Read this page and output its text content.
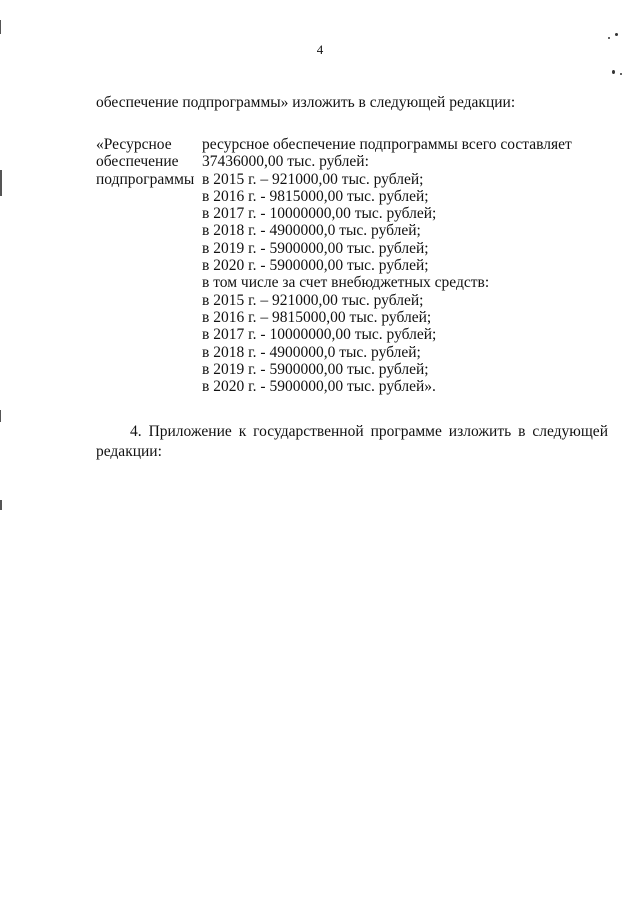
4
обеспечение подпрограммы» изложить в следующей редакции:
«Ресурсное
обеспечение
подпрограммы
ресурсное обеспечение подпрограммы всего составляет
37436000,00 тыс. рублей:
в 2015 г. – 921000,00 тыс. рублей;
в 2016 г. - 9815000,00 тыс. рублей;
в 2017 г. - 10000000,00 тыс. рублей;
в 2018 г. - 4900000,0 тыс. рублей;
в 2019 г. - 5900000,00 тыс. рублей;
в 2020 г. - 5900000,00 тыс. рублей;
в том числе за счет внебюджетных средств:
в 2015 г. – 921000,00 тыс. рублей;
в 2016 г. – 9815000,00 тыс. рублей;
в 2017 г. - 10000000,00 тыс. рублей;
в 2018 г. - 4900000,0 тыс. рублей;
в 2019 г. - 5900000,00 тыс. рублей;
в 2020 г. - 5900000,00 тыс. рублей».
4. Приложение к государственной программе изложить в следующей редакции:
